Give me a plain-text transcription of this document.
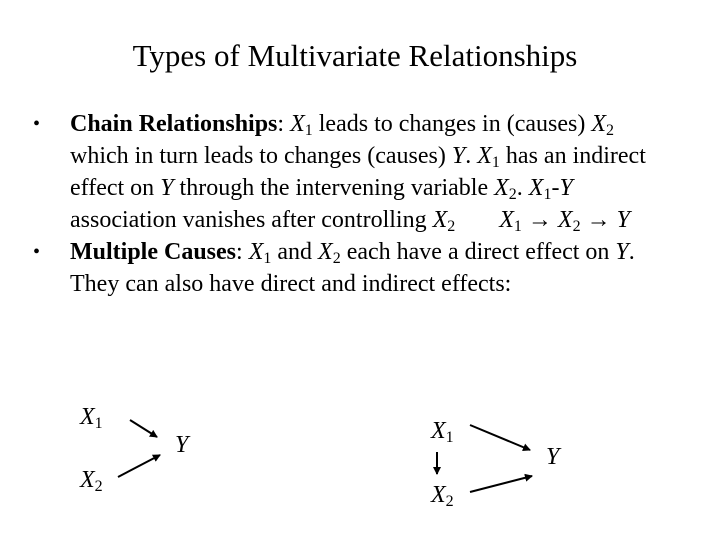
Types of Multivariate Relationships
• Chain Relationships: $X_1$ leads to changes in (causes) $X_2$ which in turn leads to changes (causes) Y. $X_1$ has an indirect effect on Y through the intervening variable $X_2$. $X_1-Y$ association vanishes after controlling $X_2$ $X_1 \to X_2 \to Y$
• Multiple Causes: $X_1$ and $X_2$ each have a direct effect on Y. They can also have direct and indirect effects:
$X_1$
$X_2$
Y
$X_1$
$X_2$
Y
